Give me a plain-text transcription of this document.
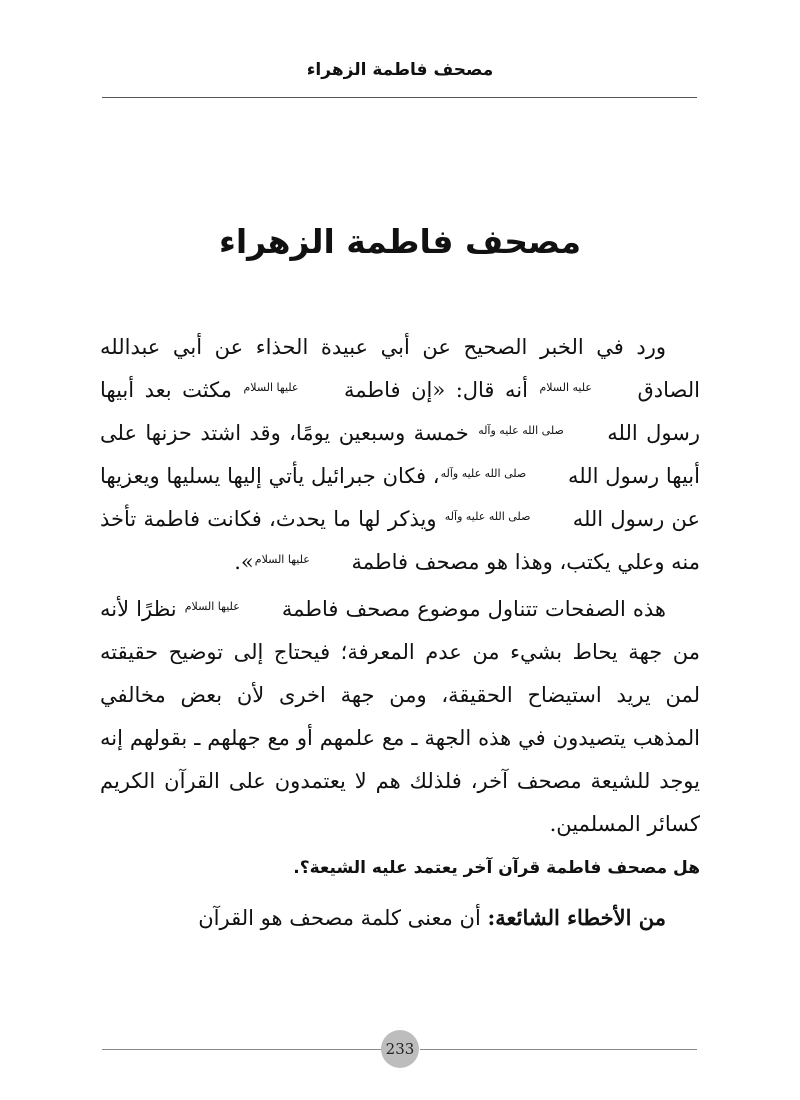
مصحف فاطمة الزهراء
مصحف فاطمة الزهراء

ورد في الخبر الصحيح عن أبي عبيدة الحذاء عن أبي عبدالله الصادق عليه السلام أنه قال: «إن فاطمة عليها السلام مكثت بعد أبيها رسول الله صلى الله عليه وآله خمسة وسبعين يومًا، وقد اشتد حزنها على أبيها رسول الله صلى الله عليه وآله، فكان جبرائيل يأتي إليها يسليها ويعزيها عن رسول الله صلى الله عليه وآله ويذكر لها ما يحدث، فكانت فاطمة تأخذ منه وعلي يكتب، وهذا هو مصحف فاطمة عليها السلام».

هذه الصفحات تتناول موضوع مصحف فاطمة عليها السلام نظرًا لأنه من جهة يحاط بشيء من عدم المعرفة؛ فيحتاج إلى توضيح حقيقته لمن يريد استيضاح الحقيقة، ومن جهة اخرى لأن بعض مخالفي المذهب يتصيدون في هذه الجهة ـ مع علمهم أو مع جهلهم ـ بقولهم إنه يوجد للشيعة مصحف آخر، فلذلك هم لا يعتمدون على القرآن الكريم كسائر المسلمين.

هل مصحف فاطمة قرآن آخر يعتمد عليه الشيعة؟.

من الأخطاء الشائعة: أن معنى كلمة مصحف هو القرآن

233
